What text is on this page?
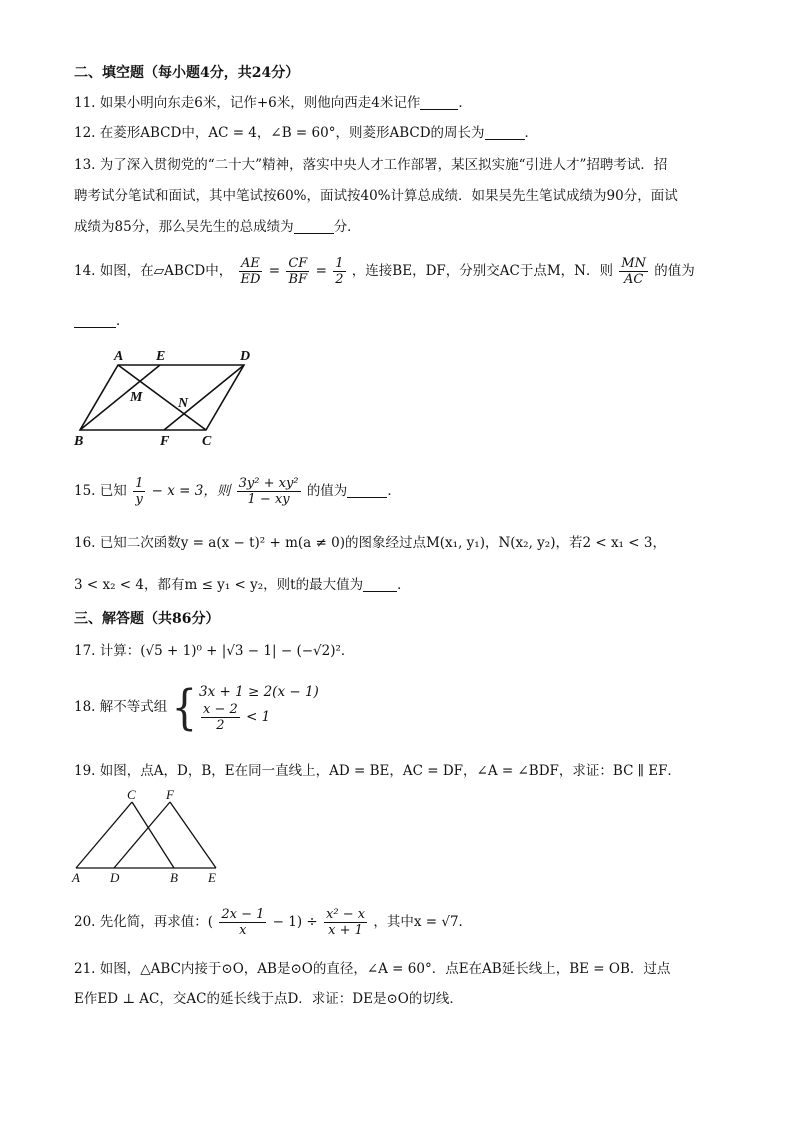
二、填空题（每小题4分，共24分）
11. 如果小明向东走6米，记作+6米，则他向西走4米记作	．
12. 在菱形ABCD中，AC = 4，∠B = 60°，则菱形ABCD的周长为	．
13. 为了深入贯彻党的“二十大”精神，落实中央人才工作部署，某区拟实施“引进人才”招聘考试．招
聘考试分笔试和面试，其中笔试按60%，面试按40%计算总成绩．如果吴先生笔试成绩为90分，面试
成绩为85分，那么吴先生的总成绩为	分．
14. 如图，在▱ABCD中， $\frac{AE}{ED} = \frac{CF}{BF} = \frac{1}{2}$ ，连接BE，DF，分别交AC于点M，N．则 $\frac{MN}{AC}$ 的值为
．
A E	D
M	N
B	F C
15. 已知 $\frac{1}{y} - x = 3$，则 $\frac{\text{3y² + xy²}}{1 - xy}$ 的值为	．
16. 已知二次函数y = a(x − t)² + m(a ≠ 0)的图象经过点M(x₁, y₁)，N(x₂, y₂)，若2 < x₁ < 3，
3 < x₂ < 4，都有m ≤ y₁ < y₂，则t的最大值为	．
三、解答题（共86分）
17. 计算：(√5 + 1)⁰ + |√3 − 1| − (−√2)²．
18. 解不等式组 { 3x + 1 ≥ 2(x − 1)
$\frac{x - 2}{2} < 1$
19. 如图，点A，D，B，E在同一直线上，AD = BE，AC = DF，∠A = ∠BDF，求证：BC ∥ EF．
C F
A D	B E
20. 先化简，再求值：( $\frac{2x - 1}{x} - 1) \div \frac{\text{x² − x}}{x + 1}$ ，其中x = √7．
21. 如图，△ABC内接于⊙O，AB是⊙O的直径，∠A = 60°．点E在AB延长线上，BE = OB．过点
E作ED ⊥ AC，交AC的延长线于点D．求证：DE是⊙O的切线．
